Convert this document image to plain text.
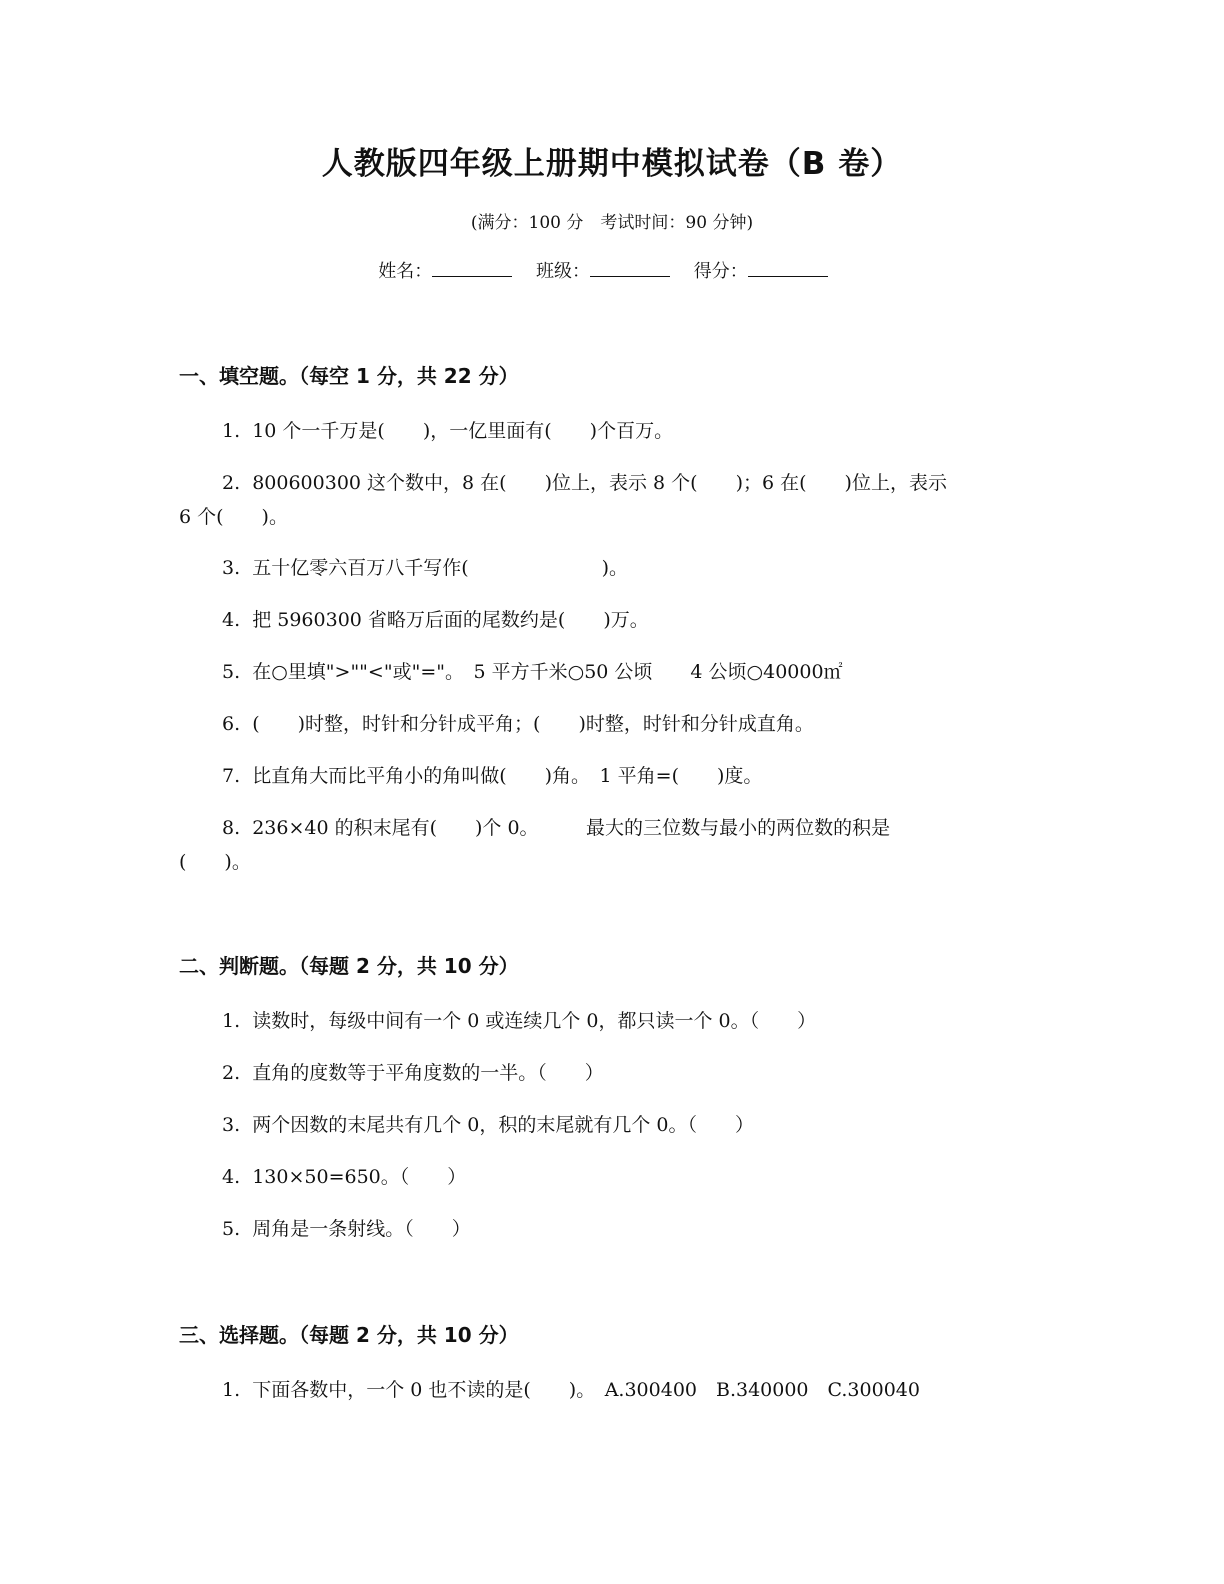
人教版四年级上册期中模拟试卷（B 卷）
(满分：100 分　考试时间：90 分钟)
姓名：	班级：	得分：
一、填空题。（每空 1 分，共 22 分）
1.  10 个一千万是(　　)，一亿里面有(　　)个百万。
2.  800600300 这个数中，8 在(　　)位上，表示 8 个(　　)；6 在(　　)位上，表示
6 个(　　)。
3.  五十亿零六百万八千写作(　　　　　　　)。
4.  把 5960300 省略万后面的尾数约是(　　)万。
5.  在○里填">""<"或"="。　5 平方千米○50 公顷　　4 公顷○40000㎡
6.  (　　)时整，时针和分针成平角；(　　)时整，时针和分针成直角。
7.  比直角大而比平角小的角叫做(　　)角。　1 平角=(　　)度。
8.  236×40 的积末尾有(　　)个 0。　　　最大的三位数与最小的两位数的积是
(　　)。
二、判断题。（每题 2 分，共 10 分）
1.  读数时，每级中间有一个 0 或连续几个 0，都只读一个 0。（　　）
2.  直角的度数等于平角度数的一半。（　　）
3.  两个因数的末尾共有几个 0，积的末尾就有几个 0。（　　）
4.  130×50=650。（　　）
5.  周角是一条射线。（　　）
三、选择题。（每题 2 分，共 10 分）
1.  下面各数中，一个 0 也不读的是(　　)。　A.300400　B.340000　C.300040
